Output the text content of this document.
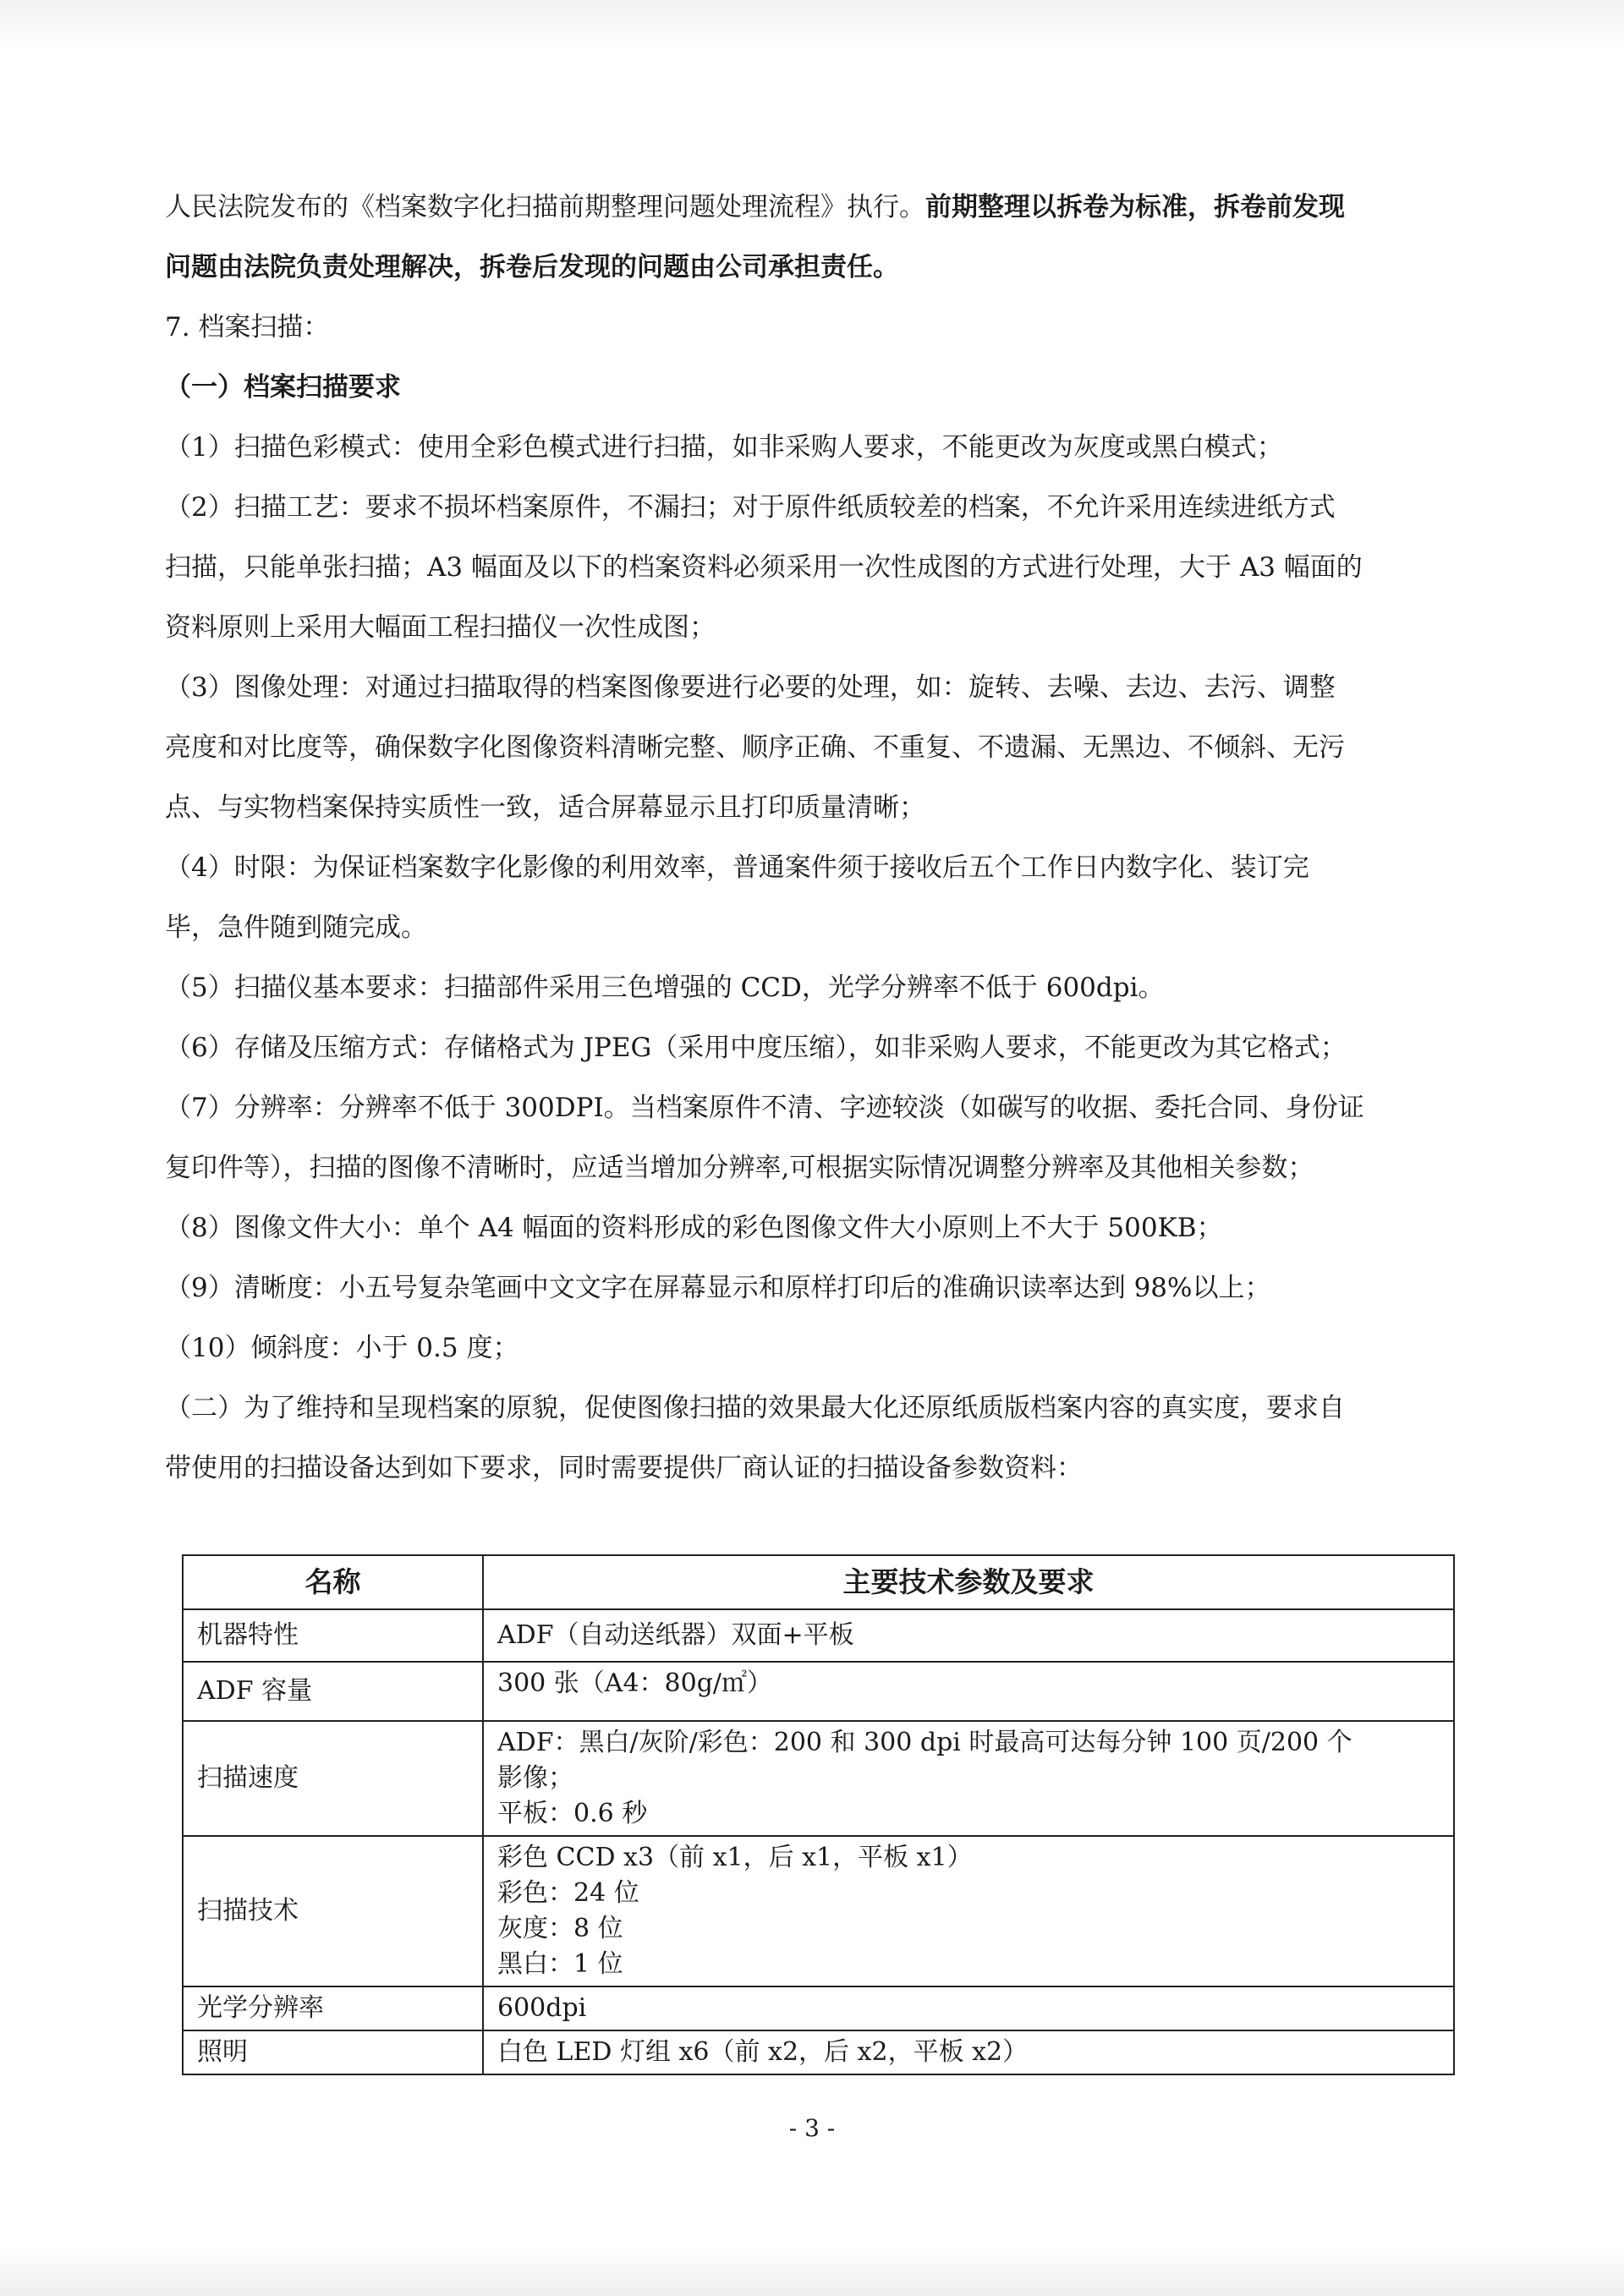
人民法院发布的《档案数字化扫描前期整理问题处理流程》执行。前期整理以拆卷为标准，拆卷前发现

问题由法院负责处理解决，拆卷后发现的问题由公司承担责任。

7. 档案扫描：

（一）档案扫描要求

（1）扫描色彩模式：使用全彩色模式进行扫描，如非采购人要求，不能更改为灰度或黑白模式；

（2）扫描工艺：要求不损坏档案原件，不漏扫；对于原件纸质较差的档案，不允许采用连续进纸方式

扫描，只能单张扫描；A3 幅面及以下的档案资料必须采用一次性成图的方式进行处理，大于 A3 幅面的

资料原则上采用大幅面工程扫描仪一次性成图；

（3）图像处理：对通过扫描取得的档案图像要进行必要的处理，如：旋转、去噪、去边、去污、调整

亮度和对比度等，确保数字化图像资料清晰完整、顺序正确、不重复、不遗漏、无黑边、不倾斜、无污

点、与实物档案保持实质性一致，适合屏幕显示且打印质量清晰；

（4）时限：为保证档案数字化影像的利用效率，普通案件须于接收后五个工作日内数字化、装订完

毕，急件随到随完成。

（5）扫描仪基本要求：扫描部件采用三色增强的 CCD，光学分辨率不低于 600dpi。

（6）存储及压缩方式：存储格式为 JPEG（采用中度压缩），如非采购人要求，不能更改为其它格式；

（7）分辨率：分辨率不低于 300DPI。当档案原件不清、字迹较淡（如碳写的收据、委托合同、身份证

复印件等），扫描的图像不清晰时，应适当增加分辨率,可根据实际情况调整分辨率及其他相关参数；

（8）图像文件大小：单个 A4 幅面的资料形成的彩色图像文件大小原则上不大于 500KB；

（9）清晰度：小五号复杂笔画中文文字在屏幕显示和原样打印后的准确识读率达到 98%以上；

（10）倾斜度：小于 0.5 度；

（二）为了维持和呈现档案的原貌，促使图像扫描的效果最大化还原纸质版档案内容的真实度，要求自

带使用的扫描设备达到如下要求，同时需要提供厂商认证的扫描设备参数资料：

名称	主要技术参数及要求
机器特性	ADF（自动送纸器）双面+平板

ADF 容量	300 张（A4：80g/㎡）

扫描速度	ADF：黑白/灰阶/彩色：200 和 300 dpi 时最高可达每分钟 100 页/200 个
影像；
平板：0.6 秒

扫描技术	彩色 CCD x3（前 x1，后 x1，平板 x1）
彩色：24 位
灰度：8 位
黑白：1 位

光学分辨率	600dpi

照明	白色 LED 灯组 x6（前 x2，后 x2，平板 x2）
- 3 -
